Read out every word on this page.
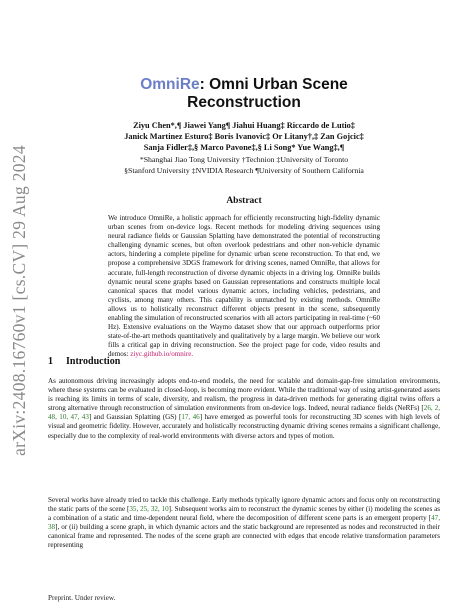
arXiv:2408.16760v1 [cs.CV] 29 Aug 2024
OmniRe: Omni Urban Scene Reconstruction
Ziyu Chen*,¶ Jiawei Yang¶ Jiahui Huang‡ Riccardo de Lutio‡
Janick Martinez Esturo‡ Boris Ivanovic‡ Or Litany†,‡ Zan Gojcic‡
Sanja Fidler‡,§ Marco Pavone‡,§ Li Song* Yue Wang‡,¶
*Shanghai Jiao Tong University †Technion ‡University of Toronto
§Stanford University ‡NVIDIA Research ¶University of Southern California
Abstract

We introduce OmniRe, a holistic approach for efficiently reconstructing high-fidelity dynamic urban scenes from on-device logs. Recent methods for modeling driving sequences using neural radiance fields or Gaussian Splatting have demonstrated the potential of reconstructing challenging dynamic scenes, but often overlook pedestrians and other non-vehicle dynamic actors, hindering a complete pipeline for dynamic urban scene reconstruction. To that end, we propose a comprehensive 3DGS framework for driving scenes, named OmniRe, that allows for accurate, full-length reconstruction of diverse dynamic objects in a driving log. OmniRe builds dynamic neural scene graphs based on Gaussian representations and constructs multiple local canonical spaces that model various dynamic actors, including vehicles, pedestrians, and cyclists, among many others. This capability is unmatched by existing methods. OmniRe allows us to holistically reconstruct different objects present in the scene, subsequently enabling the simulation of reconstructed scenarios with all actors participating in real-time (~60 Hz). Extensive evaluations on the Waymo dataset show that our approach outperforms prior state-of-the-art methods quantitatively and qualitatively by a large margin. We believe our work fills a critical gap in driving reconstruction. See the project page for code, video results and demos: ziyc.github.io/omnire.

1 Introduction

As autonomous driving increasingly adopts end-to-end models, the need for scalable and domain-gap-free simulation environments, where these systems can be evaluated in closed-loop, is becoming more evident. While the traditional way of using artist-generated assets is reaching its limits in terms of scale, diversity, and realism, the progress in data-driven methods for generating digital twins offers a strong alternative through reconstruction of simulation environments from on-device logs. Indeed, neural radiance fields (NeRFs) [26, 2, 48, 10, 47, 43] and Gaussian Splatting (GS) [17, 46] have emerged as powerful tools for reconstructing 3D scenes with high levels of visual and geometric fidelity. However, accurately and holistically reconstructing dynamic driving scenes remains a significant challenge, especially due to the complexity of real-world environments with diverse actors and types of motion.

Several works have already tried to tackle this challenge. Early methods typically ignore dynamic actors and focus only on reconstructing the static parts of the scene [35, 25, 32, 10]. Subsequent works aim to reconstruct the dynamic scenes by either (i) modeling the scenes as a combination of a static and time-dependent neural field, where the decomposition of different scene parts is an emergent property [47, 38], or (ii) building a scene graph, in which dynamic actors and the static background are represented as nodes and reconstructed in their canonical frame and represented. The nodes of the scene graph are connected with edges that encode relative transformation parameters representing

Preprint. Under review.
